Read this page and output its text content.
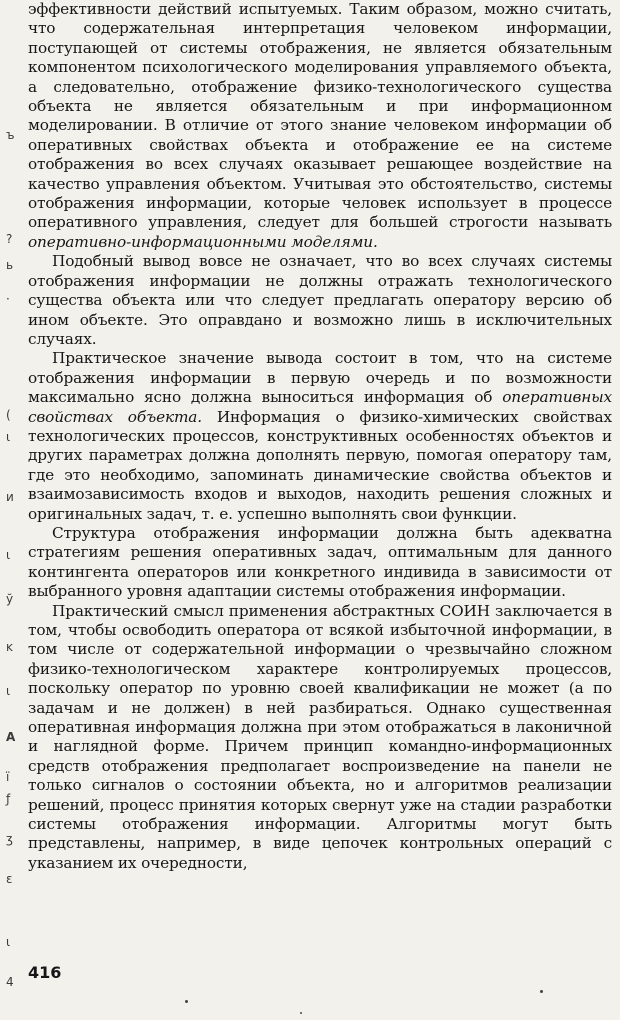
эффективности действий испытуемых. Таким образом, можно считать, что содержательная интерпретация человеком информации, поступающей от системы отображения, не является обязательным компонентом психологического моделирования управляемого объекта, а следовательно, отображение физико-технологического существа объекта не является обязательным и при информационном моделировании. В отличие от этого знание человеком информации об оперативных свойствах объекта и отображение ее на системе отображения во всех случаях оказывает решающее воздействие на качество управления объектом. Учитывая это обстоятельство, системы отображения информации, которые человек использует в процессе оперативного управления, следует для большей строгости называть оперативно-информационными моделями.

Подобный вывод вовсе не означает, что во всех случаях системы отображения информации не должны отражать технологического существа объекта или что следует предлагать оператору версию об ином объекте. Это оправдано и возможно лишь в исключительных случаях.

Практическое значение вывода состоит в том, что на системе отображения информации в первую очередь и по возможности максимально ясно должна выноситься информация об оперативных свойствах объекта. Информация о физико-химических свойствах технологических процессов, конструктивных особенностях объектов и других параметрах должна дополнять первую, помогая оператору там, где это необходимо, запоминать динамические свойства объектов и взаимозависимость входов и выходов, находить решения сложных и оригинальных задач, т. е. успешно выполнять свои функции.

Структура отображения информации должна быть адекватна стратегиям решения оперативных задач, оптимальным для данного контингента операторов или конкретного индивида в зависимости от выбранного уровня адаптации системы отображения информации.

Практический смысл применения абстрактных СОИН заключается в том, чтобы освободить оператора от всякой избыточной информации, в том числе от содержательной информации о чрезвычайно сложном физико-технологическом характере контролируемых процессов, поскольку оператор по уровню своей квалификации не может (а по задачам и не должен) в ней разбираться. Однако существенная оперативная информация должна при этом отображаться в лаконичной и наглядной форме. Причем принцип командно-информационных средств отображения предполагает воспроизведение на панели не только сигналов о состоянии объекта, но и алгоритмов реализации решений, процесс принятия которых свернут уже на стадии разработки системы отображения информации. Алгоритмы могут быть представлены, например, в виде цепочек контрольных операций с указанием их очередности,

416
ъ
?
ь
·
(
ι
и
ι
ў
ĸ
ι
A
ï
ƒ
ʒ
ɛ
ι
4
